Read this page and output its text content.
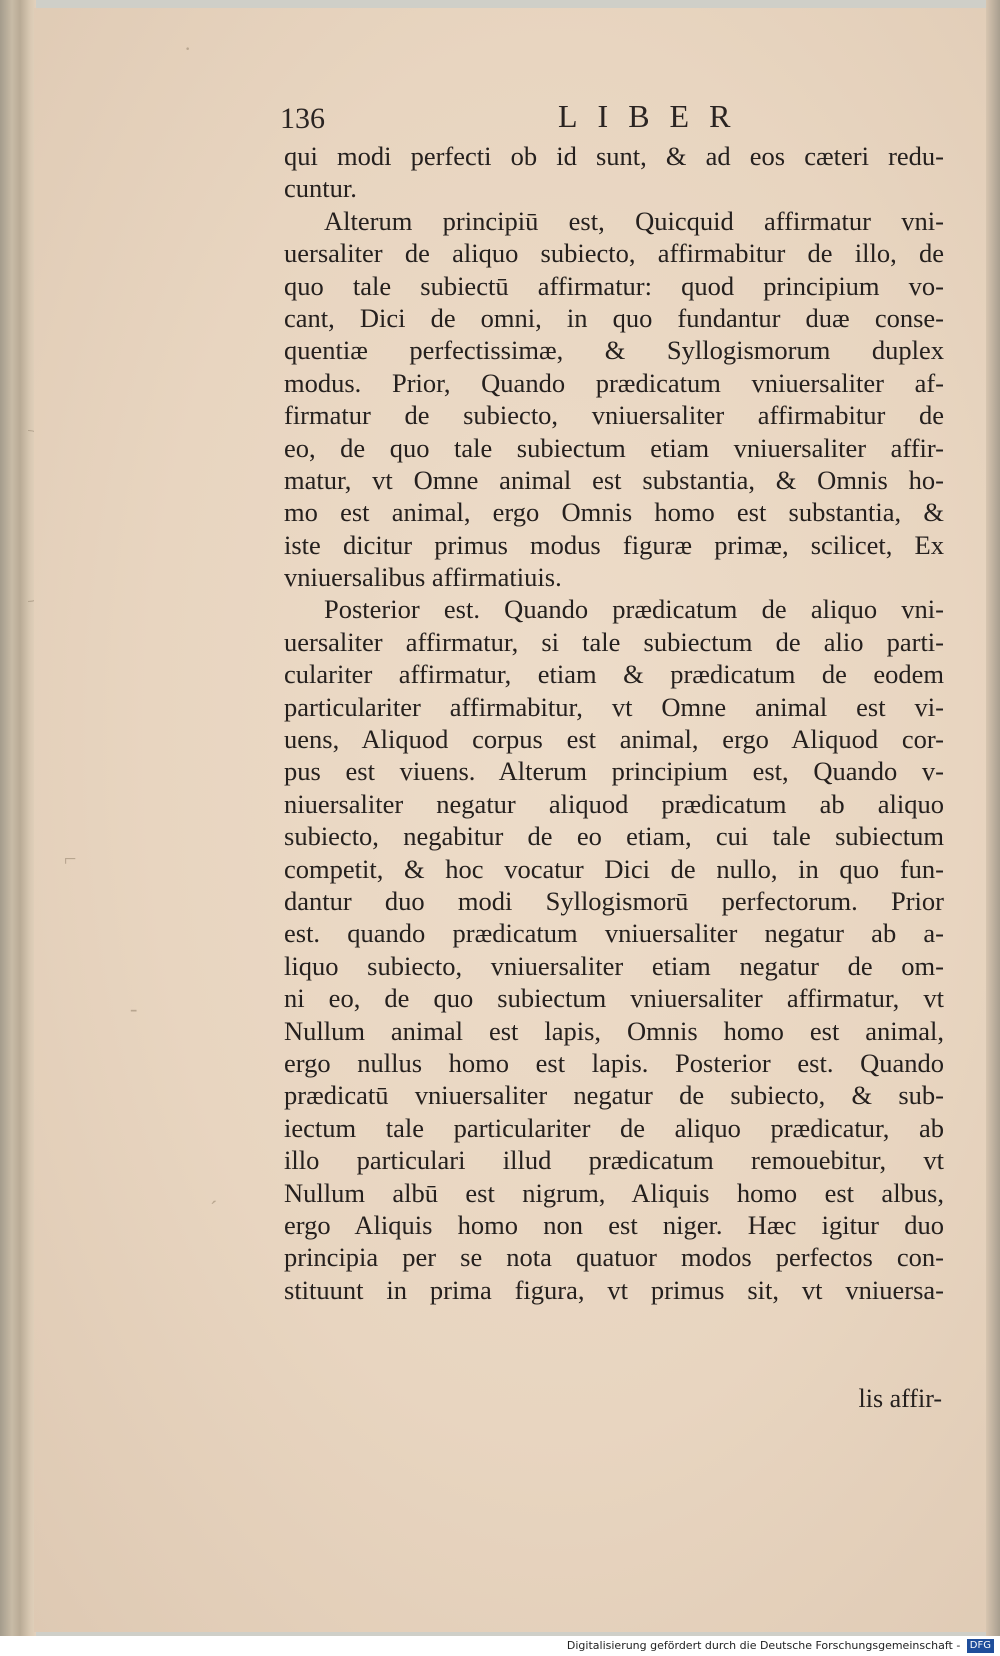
·
⌐
‐
ˊ
136	LIBER
qui modi perfecti ob id sunt, & ad eos cæteri redu-
cuntur.
Alterum principiū est, Quicquid affirmatur vni-
uersaliter de aliquo subiecto, affirmabitur de illo, de
quo tale subiectū affirmatur: quod principium vo-
cant, Dici de omni, in quo fundantur duæ conse-
quentiæ perfectissimæ, & Syllogismorum duplex
modus. Prior, Quando prædicatum vniuersaliter af-
firmatur de subiecto, vniuersaliter affirmabitur de
eo, de quo tale subiectum etiam vniuersaliter affir-
matur, vt Omne animal est substantia, & Omnis ho-
mo est animal, ergo Omnis homo est substantia, &
iste dicitur primus modus figuræ primæ, scilicet, Ex
vniuersalibus affirmatiuis.
Posterior est. Quando prædicatum de aliquo vni-
uersaliter affirmatur, si tale subiectum de alio parti-
culariter affirmatur, etiam & prædicatum de eodem
particulariter affirmabitur, vt Omne animal est vi-
uens, Aliquod corpus est animal, ergo Aliquod cor-
pus est viuens. Alterum principium est, Quando v-
niuersaliter negatur aliquod prædicatum ab aliquo
subiecto, negabitur de eo etiam, cui tale subiectum
competit, & hoc vocatur Dici de nullo, in quo fun-
dantur duo modi Syllogismorū perfectorum. Prior
est. quando prædicatum vniuersaliter negatur ab a-
liquo subiecto, vniuersaliter etiam negatur de om-
ni eo, de quo subiectum vniuersaliter affirmatur, vt
Nullum animal est lapis, Omnis homo est animal,
ergo nullus homo est lapis. Posterior est. Quando
prædicatū vniuersaliter negatur de subiecto, & sub-
iectum tale particulariter de aliquo prædicatur, ab
illo particulari illud prædicatum remouebitur, vt
Nullum albū est nigrum, Aliquis homo est albus,
ergo Aliquis homo non est niger. Hæc igitur duo
principia per se nota quatuor modos perfectos con-
stituunt in prima figura, vt primus sit, vt vniuersa-
lis affir-
Digitalisierung gefördert durch die Deutsche Forschungsgemeinschaft - DFG
